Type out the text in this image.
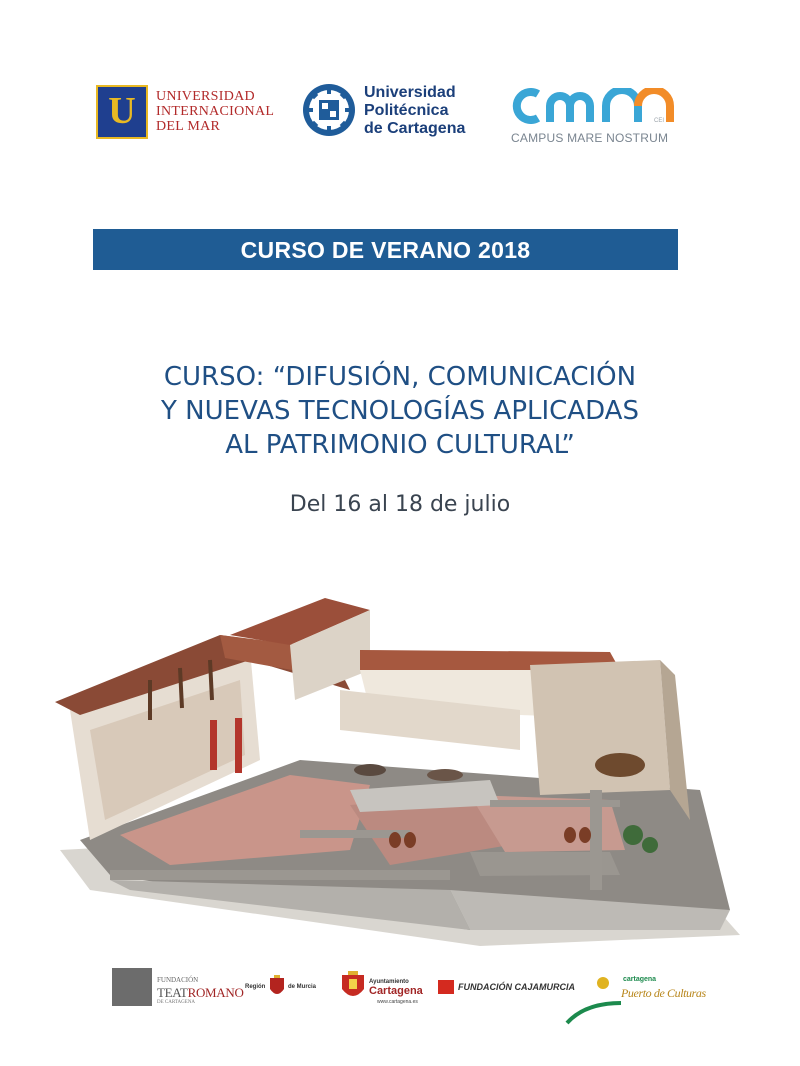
U	UNIVERSIDAD
INTERNACIONAL
DEL MAR
Universidad
Politécnica
de Cartagena	CEI
CAMPUS MARE NOSTRUM
CURSO DE VERANO 2018
CURSO: “DIFUSIÓN, COMUNICACIÓN
Y NUEVAS TECNOLOGÍAS APLICADAS
AL PATRIMONIO CULTURAL”
Del 16 al 18 de julio
FUNDACIÓN
TEATROMANO
DE CARTAGENA
Región	de Murcia
Ayuntamiento
Cartagena
www.cartagena.es
FUNDACIÓN CAJAMURCIA
cartagena
Puerto de Culturas
